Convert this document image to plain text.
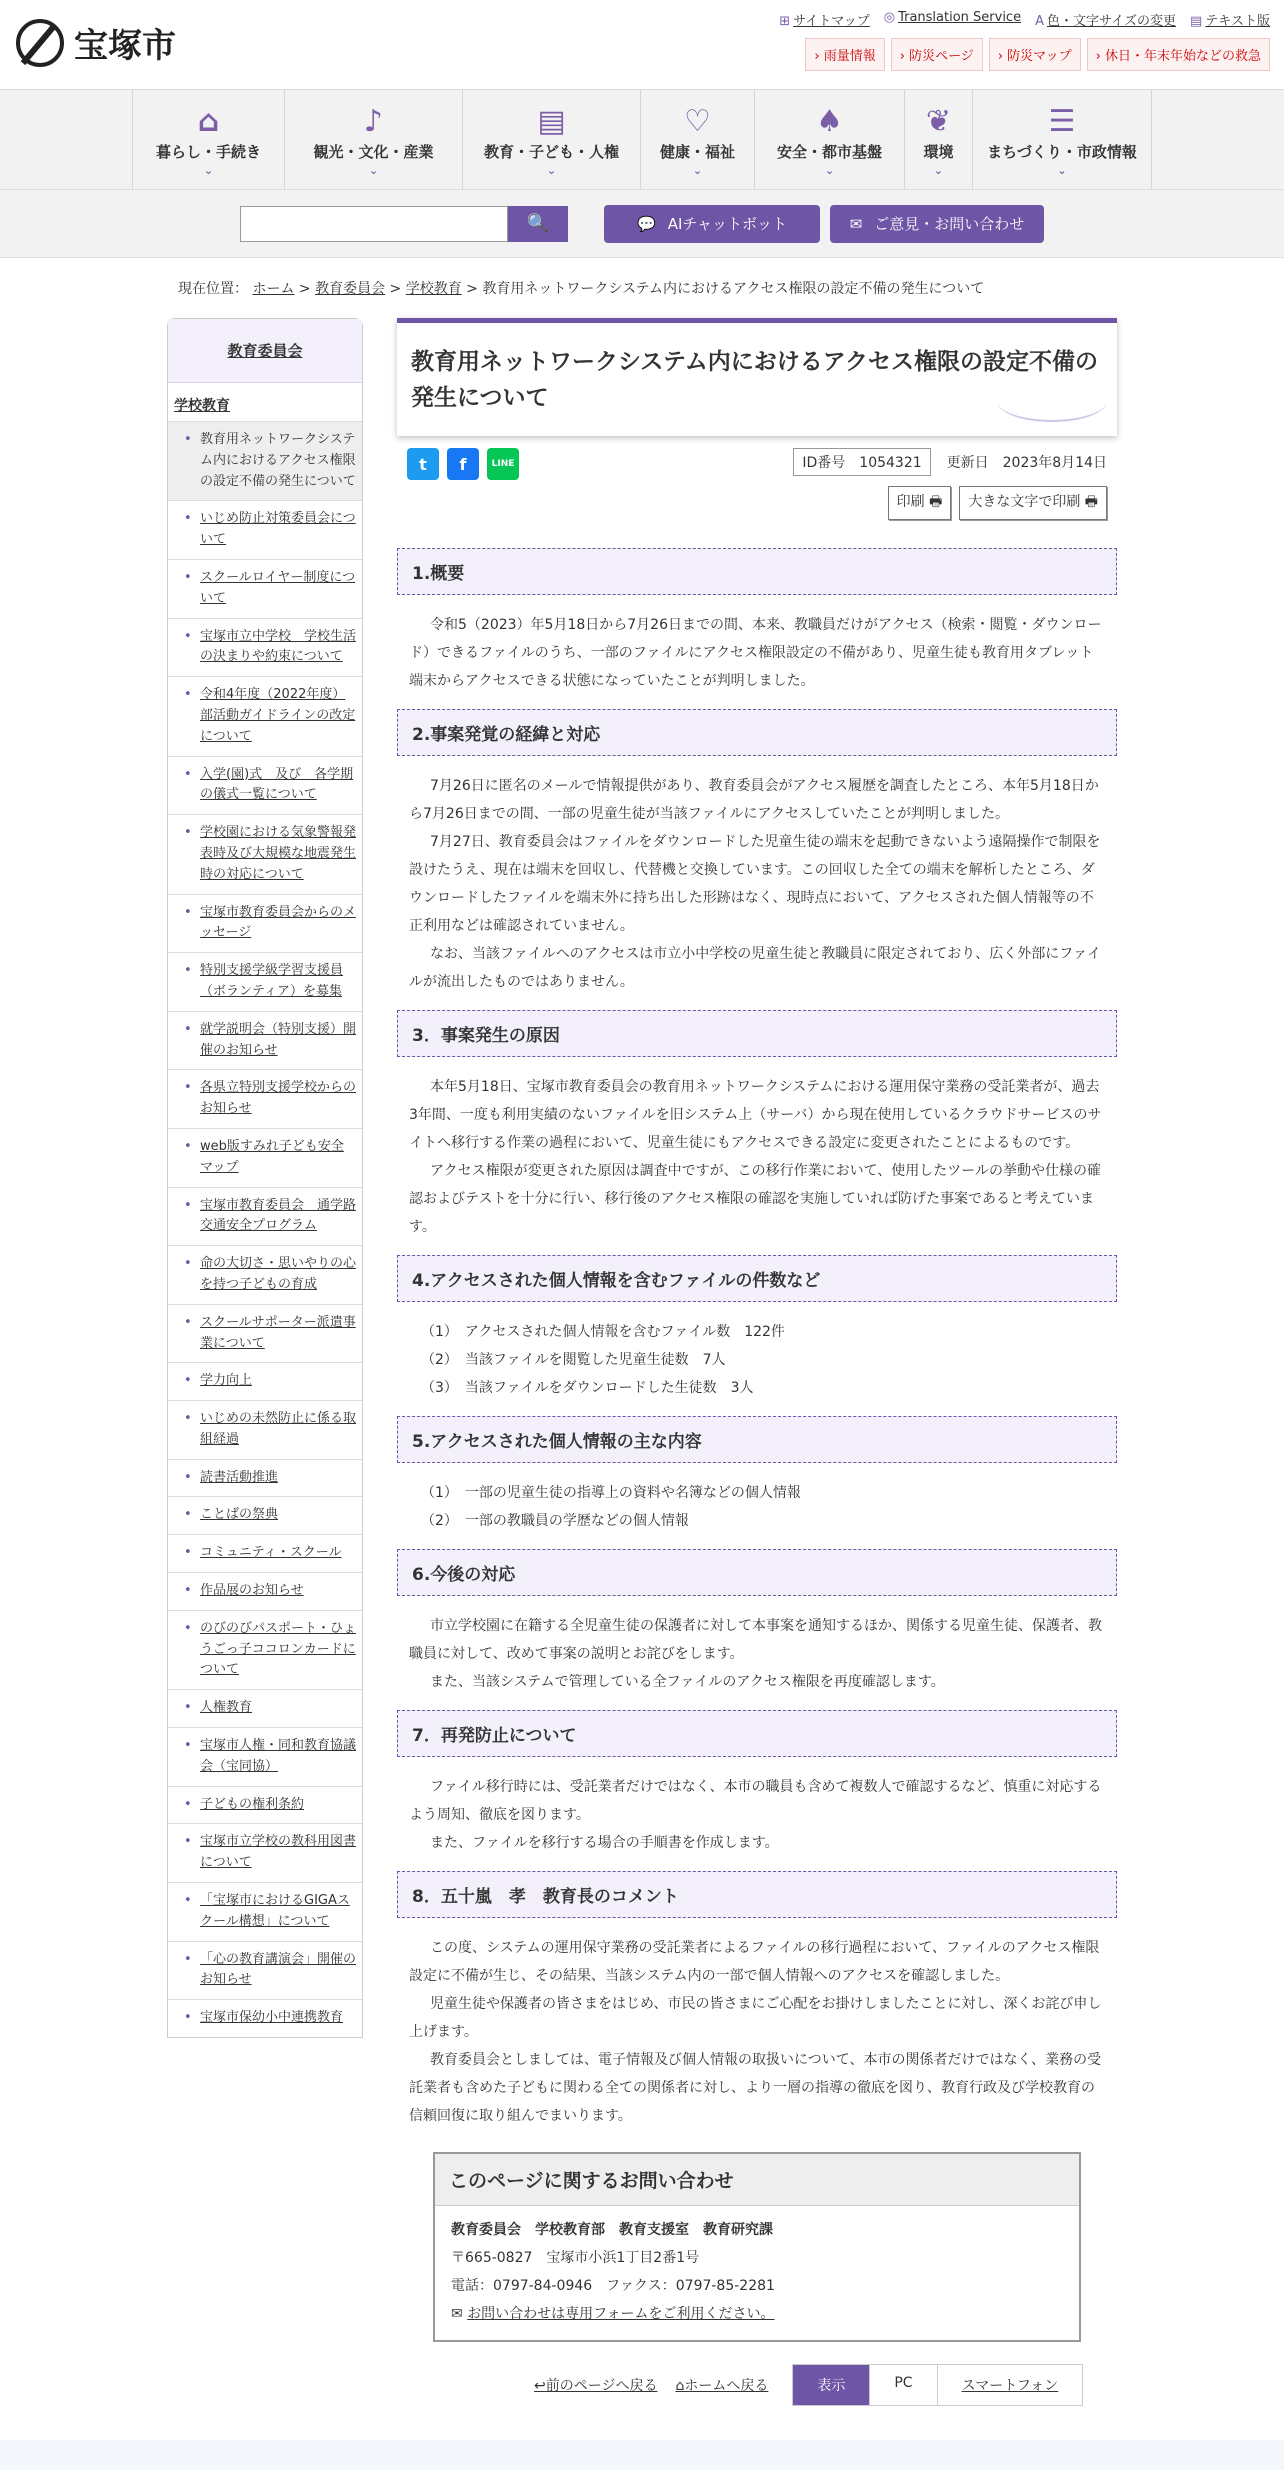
宝塚市
⊞ サイトマップ ◎ Translation Service A 色・文字サイズの変更 ▤ テキスト版
› 雨量情報	› 防災ページ	› 防災マップ	› 休日・年末年始などの救急
⌂
暮らし・手続き
⌄
♪
観光・文化・産業
⌄
▤
教育・子ども・人権
⌄
♡
健康・福祉
⌄
♠
安全・都市基盤
⌄
❦
環境
⌄
☰
まちづくり・市政情報
⌄
🔍	💬 AIチャットボット	✉ ご意見・お問い合わせ
現在位置： ホーム > 教育委員会 > 学校教育 > 教育用ネットワークシステム内におけるアクセス権限の設定不備の発生について
教育委員会
学校教育
• 教育用ネットワークシステム内におけるアクセス権限の設定不備の発生について
• いじめ防止対策委員会について
• スクールロイヤー制度について
• 宝塚市立中学校　学校生活の決まりや約束について
• 令和4年度（2022年度）部活動ガイドラインの改定について
• 入学(園)式　及び　各学期の儀式一覧について
• 学校園における気象警報発表時及び大規模な地震発生時の対応について
• 宝塚市教育委員会からのメッセージ
• 特別支援学級学習支援員（ボランティア）を募集
• 就学説明会（特別支援）開催のお知らせ
• 各県立特別支援学校からのお知らせ
• web版すみれ子ども安全マップ
• 宝塚市教育委員会　通学路交通安全プログラム
• 命の大切さ・思いやりの心を持つ子どもの育成
• スクールサポーター派遣事業について
• 学力向上
• いじめの未然防止に係る取組経過
• 読書活動推進
• ことばの祭典
• コミュニティ・スクール
• 作品展のお知らせ
• のびのびパスポート・ひょうごっ子ココロンカードについて
• 人権教育
• 宝塚市人権・同和教育協議会（宝同協）
• 子どもの権利条約
• 宝塚市立学校の教科用図書について
• 「宝塚市におけるGIGAスクール構想」について
• 「心の教育講演会」開催のお知らせ
• 宝塚市保幼小中連携教育
教育用ネットワークシステム内におけるアクセス権限の設定不備の発生について
t	f	LINE	ID番号　 1054321	更新日　 2023年8月14日
印刷 🖶	大きな文字で印刷 🖶
1.概要

令和5（2023）年5月18日から7月26日までの間、本来、教職員だけがアクセス（検索・閲覧・ダウンロード）できるファイルのうち、一部のファイルにアクセス権限設定の不備があり、児童生徒も教育用タブレット端末からアクセスできる状態になっていたことが判明しました。

2.事案発覚の経緯と対応

7月26日に匿名のメールで情報提供があり、教育委員会がアクセス履歴を調査したところ、本年5月18日から7月26日までの間、一部の児童生徒が当該ファイルにアクセスしていたことが判明しました。

7月27日、教育委員会はファイルをダウンロードした児童生徒の端末を起動できないよう遠隔操作で制限を設けたうえ、現在は端末を回収し、代替機と交換しています。この回収した全ての端末を解析したところ、ダウンロードしたファイルを端末外に持ち出した形跡はなく、現時点において、アクセスされた個人情報等の不正利用などは確認されていません。

なお、当該ファイルへのアクセスは市立小中学校の児童生徒と教職員に限定されており、広く外部にファイルが流出したものではありません。

3．事案発生の原因

本年5月18日、宝塚市教育委員会の教育用ネットワークシステムにおける運用保守業務の受託業者が、過去3年間、一度も利用実績のないファイルを旧システム上（サーバ）から現在使用しているクラウドサービスのサイトへ移行する作業の過程において、児童生徒にもアクセスできる設定に変更されたことによるものです。

アクセス権限が変更された原因は調査中ですが、この移行作業において、使用したツールの挙動や仕様の確認およびテストを十分に行い、移行後のアクセス権限の確認を実施していれば防げた事案であると考えています。

4.アクセスされた個人情報を含むファイルの件数など
（1）　アクセスされた個人情報を含むファイル数　122件
（2）　当該ファイルを閲覧した児童生徒数　7人
（3）　当該ファイルをダウンロードした生徒数　3人
5.アクセスされた個人情報の主な内容
（1）　一部の児童生徒の指導上の資料や名簿などの個人情報
（2）　一部の教職員の学歴などの個人情報
6.今後の対応

市立学校園に在籍する全児童生徒の保護者に対して本事案を通知するほか、関係する児童生徒、保護者、教職員に対して、改めて事案の説明とお詫びをします。

また、当該システムで管理している全ファイルのアクセス権限を再度確認します。

7．再発防止について

ファイル移行時には、受託業者だけではなく、本市の職員も含めて複数人で確認するなど、慎重に対応するよう周知、徹底を図ります。

また、ファイルを移行する場合の手順書を作成します。

8．五十嵐　孝　教育長のコメント

この度、システムの運用保守業務の受託業者によるファイルの移行過程において、ファイルのアクセス権限設定に不備が生じ、その結果、当該システム内の一部で個人情報へのアクセスを確認しました。

児童生徒や保護者の皆さまをはじめ、市民の皆さまにご心配をお掛けしましたことに対し、深くお詫び申し上げます。

教育委員会としましては、電子情報及び個人情報の取扱いについて、本市の関係者だけではなく、業務の受託業者も含めた子どもに関わる全ての関係者に対し、より一層の指導の徹底を図り、教育行政及び学校教育の信頼回復に取り組んでまいります。

このページに関するお問い合わせ
教育委員会　学校教育部　教育支援室　教育研究課
〒665-0827　宝塚市小浜1丁目2番1号
電話：0797-84-0946　ファクス：0797-85-2281
✉ お問い合わせは専用フォームをご利用ください。
↩前のページへ戻る ⌂ホームへ戻る	表示	PC	スマートフォン
